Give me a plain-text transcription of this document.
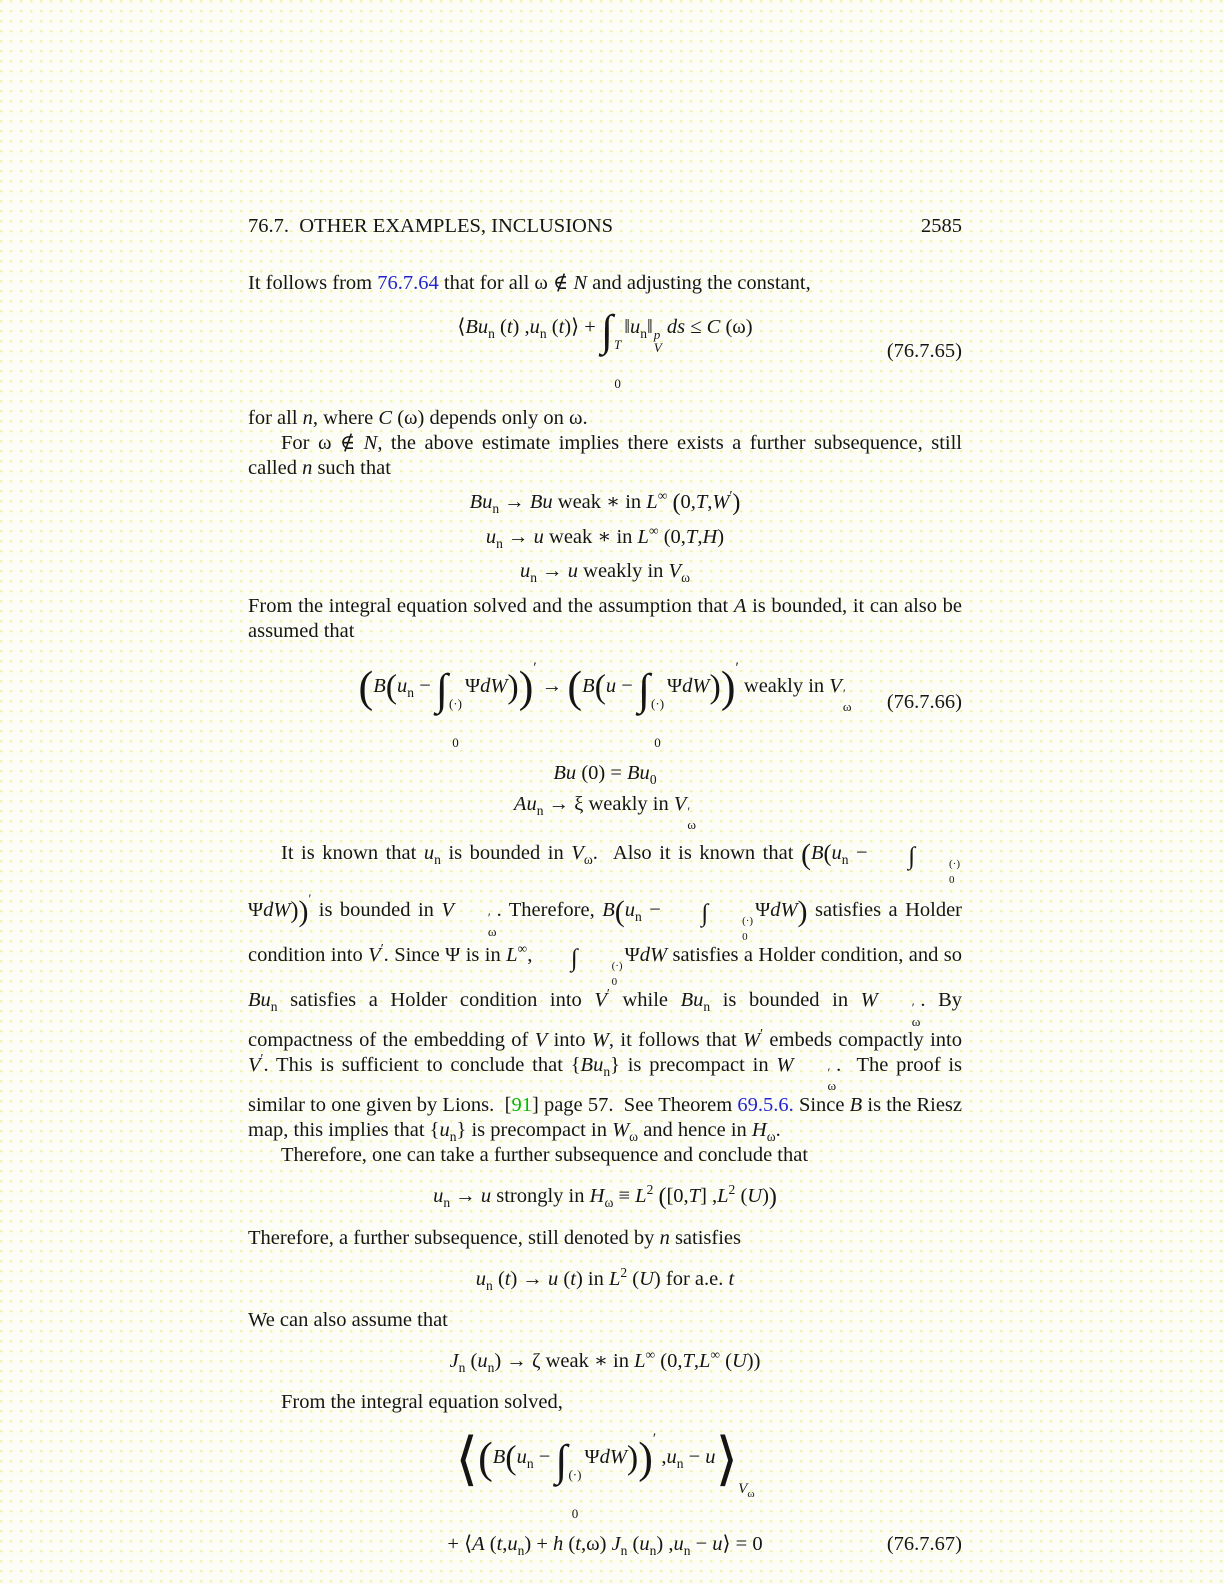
76.7. OTHER EXAMPLES, INCLUSIONS	2585

It follows from 76.7.64 that for all ω ∉ N and adjusting the constant,

$⟨Bu_n$ (t) $,u_n$ (t)⟩ + ∫ T
0
$‖u_n‖$ p
V
ds ≤ C (ω)
(76.7.65)

for all n, where C (ω) depends only on ω.

For ω ∉ N, the above estimate implies there exists a further subsequence, still called n such that

$Bu_n \to Bu$ weak ∗ in L∞ (0,T,W′)
$u_n \to u$ weak ∗ in L∞ (0,T,H)
$u_n \to u$ weakly in $V_\omega$

From the integral equation solved and the assumption that A is bounded, it can also be assumed that

($B(u_n$ − ∫ (·)
0
ΨdW))′ → (B(u − ∫ (·)
0
ΨdW))′ weakly in V ′
ω (76.7.66)
Bu $(0) = Bu_0$
$Au_n \to \xi$ weakly in V ′
ω

It is known that $u_n$ is bounded in $V_\omega$.  Also it is known that ($B(u_n$ − ∫	(·)
0
ΨdW))′ is bounded in V	′
ω
. Therefore, $B(u_n$ − ∫	(·)
0
ΨdW) satisfies a Holder condition into V′. Since Ψ is in L∞, ∫	(·)
0
ΨdW satisfies a Holder condition, and so $Bu_n$ satisfies a Holder condition into V′ while $Bu_n$ is bounded in W	′
ω
. By compactness of the embedding of V into W, it follows that W′ embeds compactly into V′. This is sufficient to conclude that $\{Bu_n\}$ is precompact in W	′
ω
.  The proof is similar to one given by Lions.  [91] page 57.  See Theorem 69.5.6. Since B is the Riesz map, this implies that $\{u_n\}$ is precompact in $W_\omega$ and hence in $H_\omega$.

Therefore, one can take a further subsequence and conclude that

$u_n \to u$ strongly in $H_\omega \equiv L^2$ ([0,T] $,L^2$ (U))

Therefore, a further subsequence, still denoted by n satisfies

$u_n$ (t) → u (t) in $L^2$ (U) for a.e. t

We can also assume that

$J_n$ $(u_n) \to \zeta$ weak ∗ in L∞ (0,T,L∞ (U))

From the integral equation solved,

$⟨(B(u_n$ − ∫ (·)
0
ΨdW))′ $,u_n$ − $u⟩_{V_\omega}$
+ ⟨A $(t,u_n) + h$ (t,ω) $J_n$ $(u_n) ,u_n$ − u⟩ = 0	(76.7.67)
